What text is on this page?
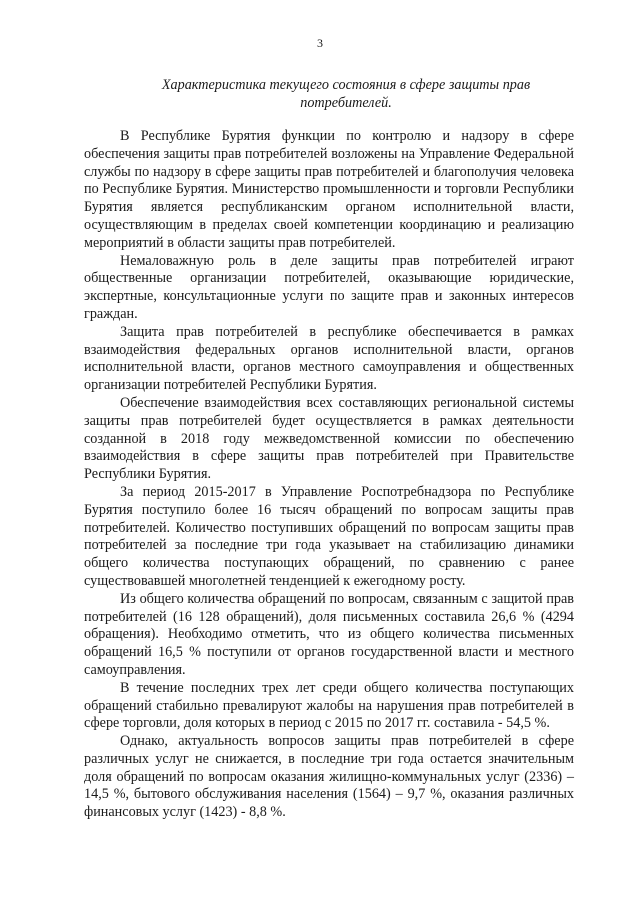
3
Характеристика текущего состояния в сфере защиты прав потребителей.

В Республике Бурятия функции по контролю и надзору в сфере обеспечения защиты прав потребителей возложены на Управление Федеральной службы по надзору в сфере защиты прав потребителей и благополучия человека по Республике Бурятия. Министерство промышленности и торговли Республики Бурятия является республиканским органом исполнительной власти, осуществляющим в пределах своей компетенции координацию и реализацию мероприятий в области защиты прав потребителей.

Немаловажную роль в деле защиты прав потребителей играют общественные организации потребителей, оказывающие юридические, экспертные, консультационные услуги по защите прав и законных интересов граждан.

Защита прав потребителей в республике обеспечивается в рамках взаимодействия федеральных органов исполнительной власти, органов исполнительной власти, органов местного самоуправления и общественных организации потребителей Республики Бурятия.

Обеспечение взаимодействия всех составляющих региональной системы защиты прав потребителей будет осуществляется в рамках деятельности созданной в 2018 году межведомственной комиссии по обеспечению взаимодействия в сфере защиты прав потребителей при Правительстве Республики Бурятия.

За период 2015-2017 в Управление Роспотребнадзора по Республике Бурятия поступило более 16 тысяч обращений по вопросам защиты прав потребителей. Количество поступивших обращений по вопросам защиты прав потребителей за последние три года указывает на стабилизацию динамики общего количества поступающих обращений, по сравнению с ранее существовавшей многолетней тенденцией к ежегодному росту.

Из общего количества обращений по вопросам, связанным с защитой прав потребителей (16 128 обращений), доля письменных составила 26,6 % (4294 обращения). Необходимо отметить, что из общего количества письменных обращений 16,5 % поступили от органов государственной власти и местного самоуправления.

В течение последних трех лет среди общего количества поступающих обращений стабильно превалируют жалобы на нарушения прав потребителей в сфере торговли, доля которых в период с 2015 по 2017 гг. составила - 54,5 %.

Однако, актуальность вопросов защиты прав потребителей в сфере различных услуг не снижается, в последние три года остается значительным доля обращений по вопросам оказания жилищно-коммунальных услуг (2336) – 14,5 %, бытового обслуживания населения (1564) – 9,7 %, оказания различных финансовых услуг (1423) - 8,8 %.
